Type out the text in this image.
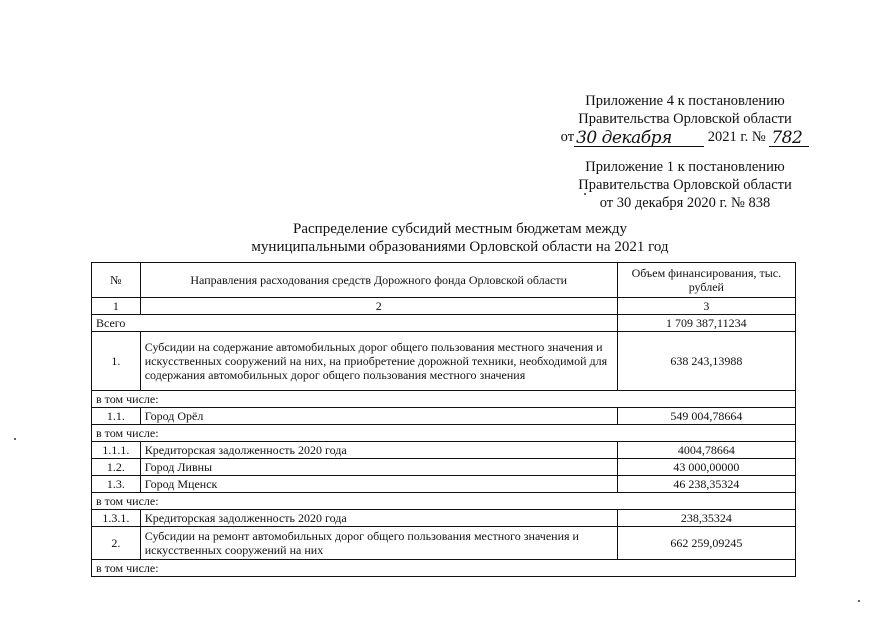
Приложение 4 к постановлению
Правительства Орловской области
от 30 декабря 2021 г. № 782

Приложение 1 к постановлению
Правительства Орловской области
от 30 декабря 2020 г. № 838
Распределение субсидий местным бюджетам между
муниципальными образованиями Орловской области на 2021 год
№	Направления расходования средств Дорожного фонда Орловской области	Объем финансирования, тыс. рублей
1	2	3
Всего		1 709 387,11234
1.	Субсидии на содержание автомобильных дорог общего пользования местного значения и искусственных сооружений на них, на приобретение дорожной техники, необходимой для содержания автомобильных дорог общего пользования местного значения	638 243,13988
в том числе:		
1.1.	Город Орёл	549 004,78664
в том числе:		
1.1.1.	Кредиторская задолженность 2020 года	4004,78664
1.2.	Город Ливны	43 000,00000
1.3.	Город Мценск	46 238,35324
в том числе:		
1.3.1.	Кредиторская задолженность 2020 года	238,35324
2.	Субсидии на ремонт автомобильных дорог общего пользования местного значения и искусственных сооружений на них	662 259,09245
в том числе:		
